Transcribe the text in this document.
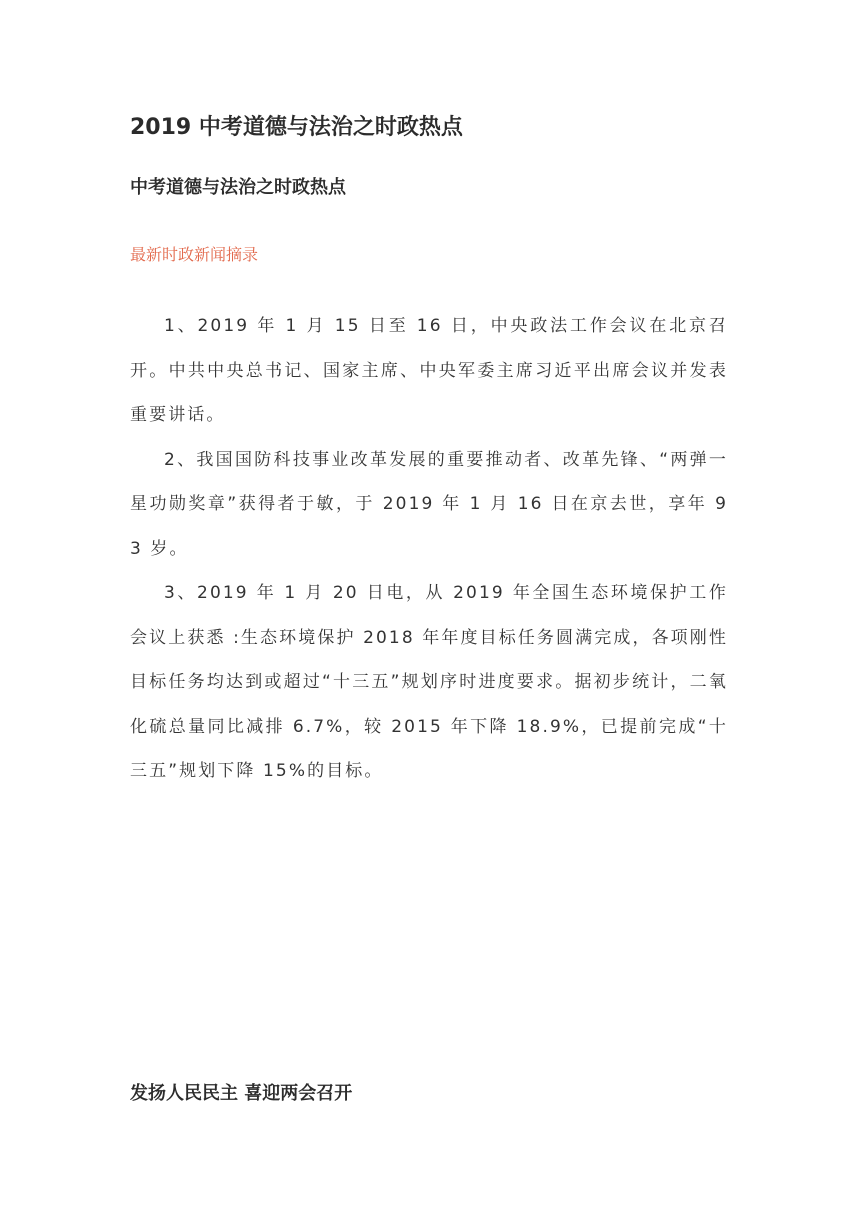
2019 中考道德与法治之时政热点
中考道德与法治之时政热点
最新时政新闻摘录

1、2019 年 1 月 15 日至 16 日，中央政法工作会议在北京召开。中共中央总书记、国家主席、中央军委主席习近平出席会议并发表重要讲话。

2、我国国防科技事业改革发展的重要推动者、改革先锋、“两弹一星功勋奖章”获得者于敏，于 2019 年 1 月 16 日在京去世，享年 93 岁。

3、2019 年 1 月 20 日电，从 2019 年全国生态环境保护工作会议上获悉 :生态环境保护 2018 年年度目标任务圆满完成，各项刚性目标任务均达到或超过“十三五”规划序时进度要求。据初步统计，二氧化硫总量同比减排 6.7%，较 2015 年下降 18.9%，已提前完成“十三五”规划下降 15%的目标。

发扬人民民主 喜迎两会召开
